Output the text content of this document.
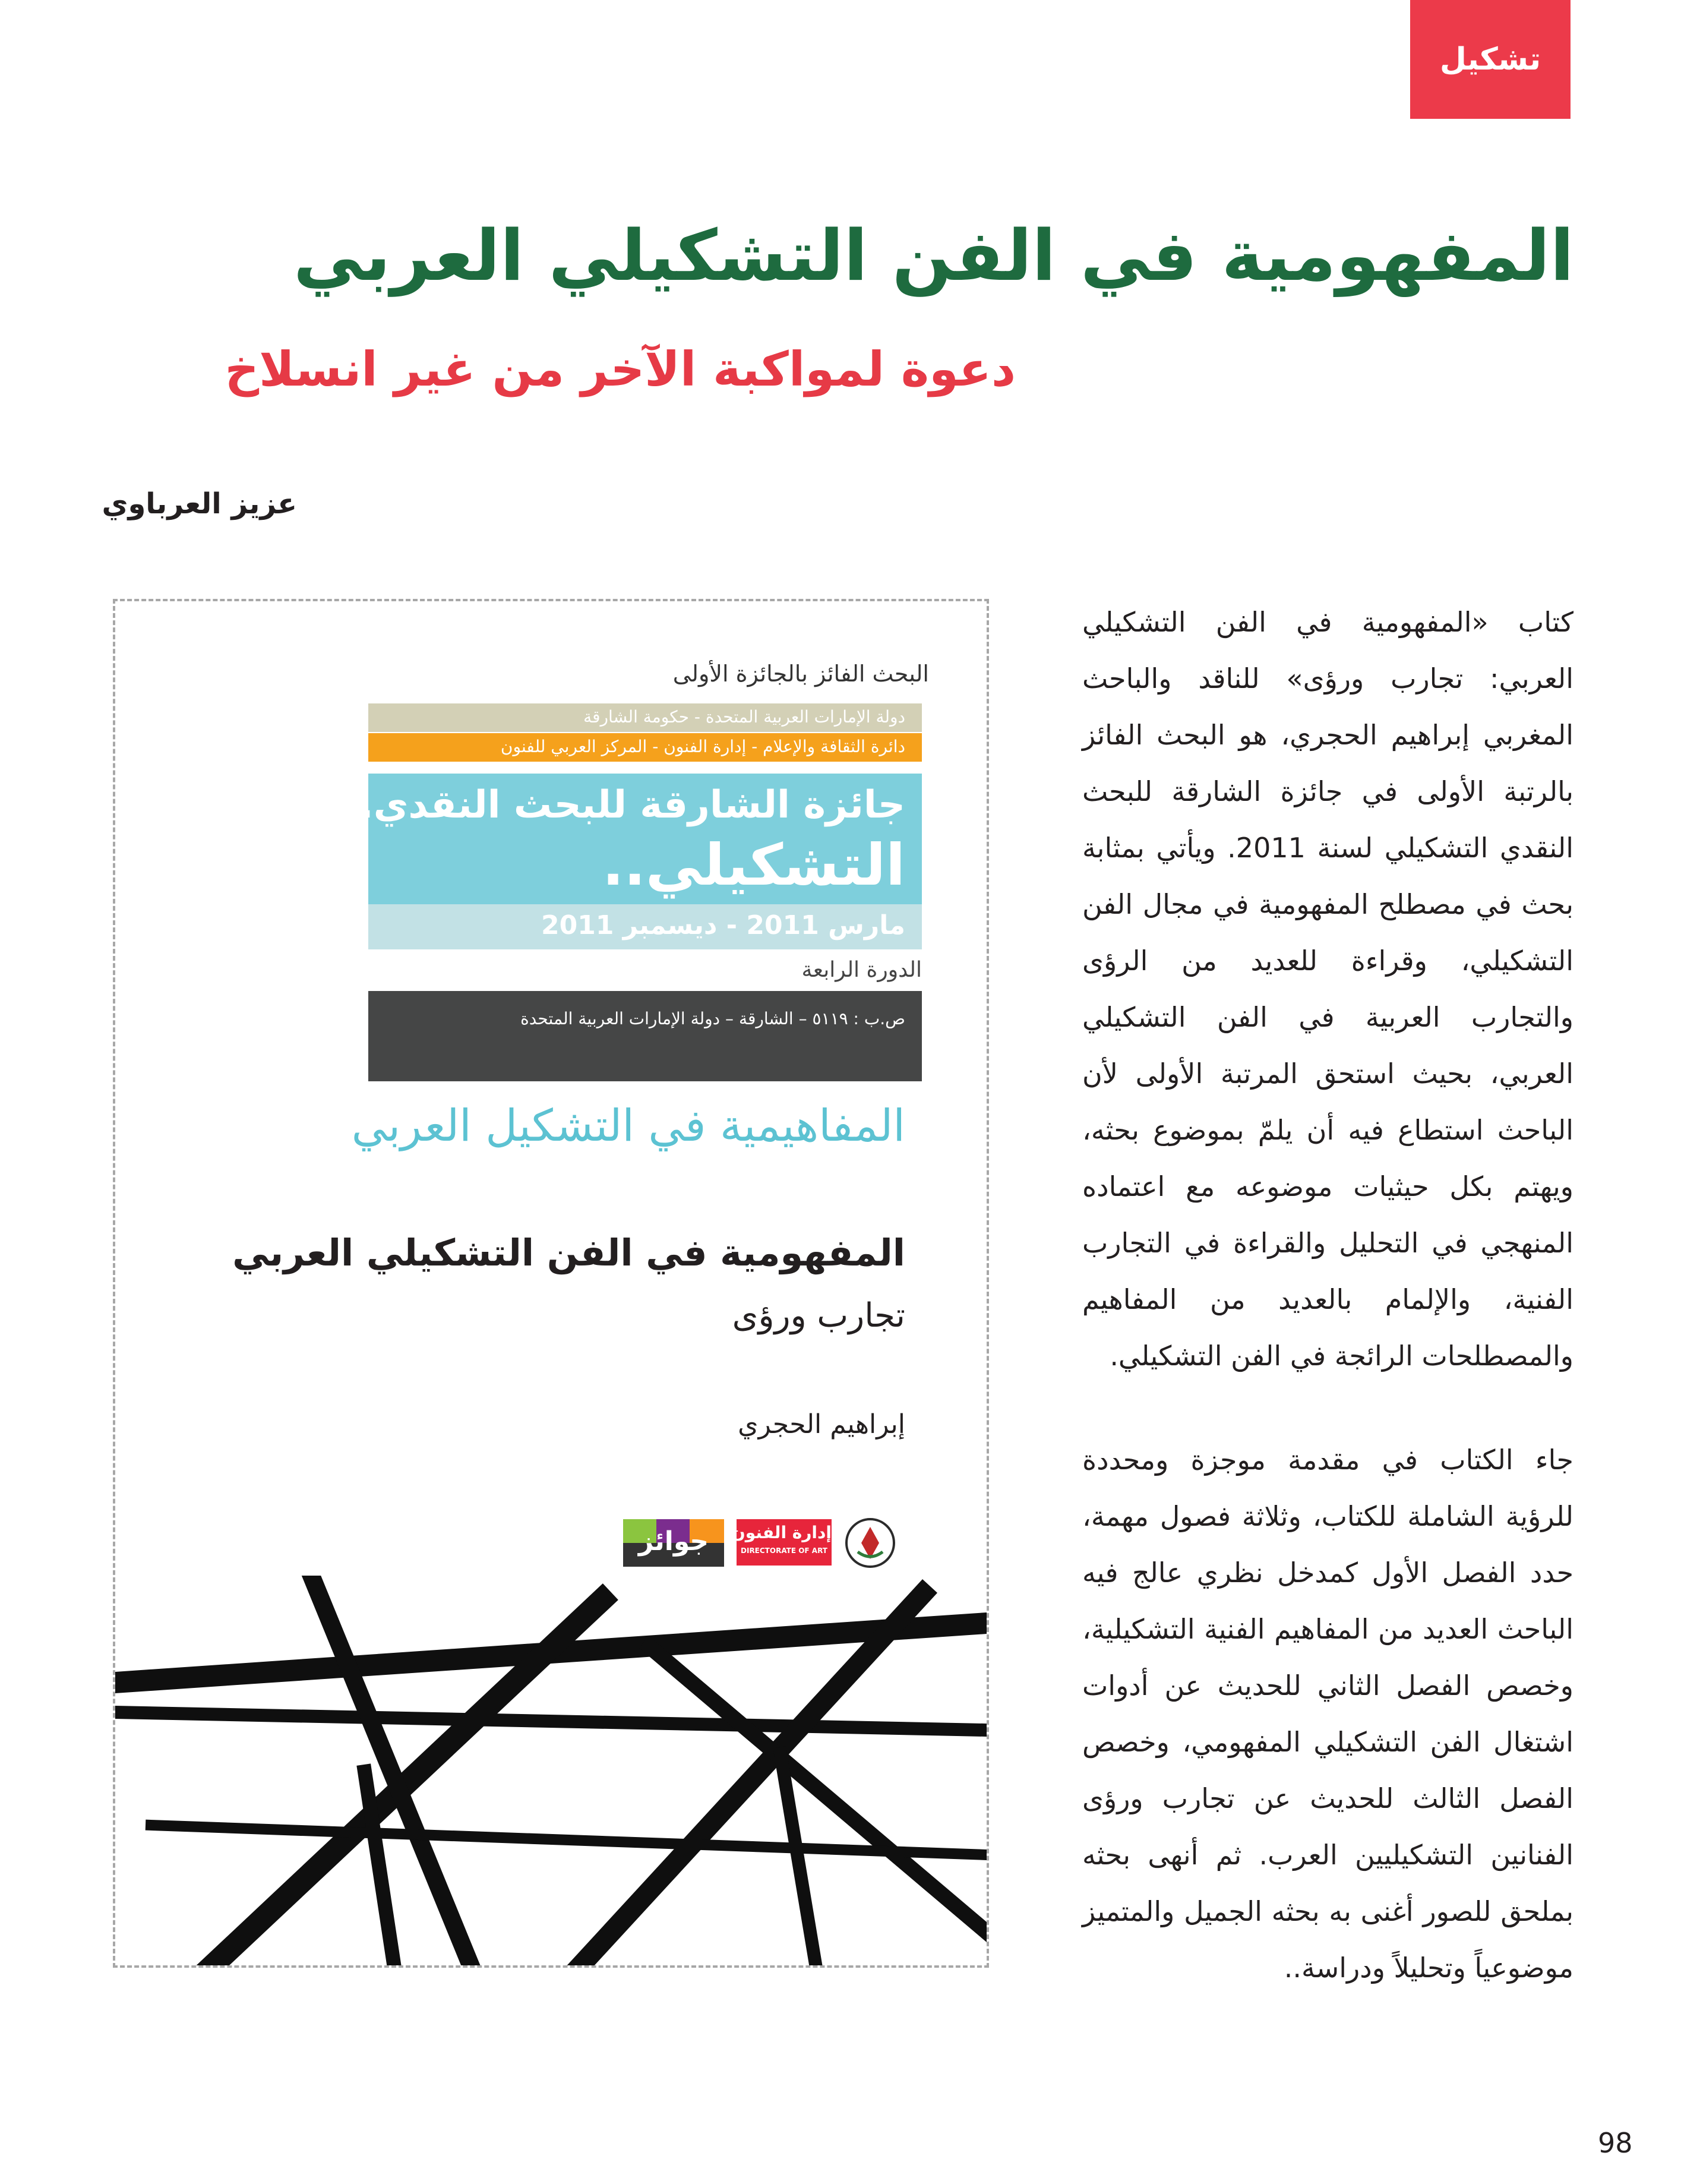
تشكيل
المفهومية في الفن التشكيلي العربي
دعوة لمواكبة الآخر من غير انسلاخ
عزيز العرباوي
البحث الفائز بالجائزة الأولى
دولة الإمارات العربية المتحدة - حكومة الشارقة
دائرة الثقافة والإعلام - إدارة الفنون - المركز العربي للفنون
جائزة الشارقة للبحث النقدي..
التشكيلي..
مارس 2011 - ديسمبر 2011
الدورة الرابعة
ص.ب : ٥١١٩ – الشارقة – دولة الإمارات العربية المتحدة
المفاهيمية في التشكيل العربي
المفهومية في الفن التشكيلي العربي
تجارب ورؤى
إبراهيم الحجري
إدارة الفنون
DIRECTORATE OF ART
جوائز

كتاب «المفهومية في الفن التشكيلي العربي: تجارب ورؤى» للناقد والباحث المغربي إبراهيم الحجري، هو البحث الفائز بالرتبة الأولى في جائزة الشارقة للبحث النقدي التشكيلي لسنة 2011. ويأتي بمثابة بحث في مصطلح المفهومية في مجال الفن التشكيلي، وقراءة للعديد من الرؤى والتجارب العربية في الفن التشكيلي العربي، بحيث استحق المرتبة الأولى لأن الباحث استطاع فيه أن يلمّ بموضوع بحثه، ويهتم بكل حيثيات موضوعه مع اعتماده المنهجي في التحليل والقراءة في التجارب الفنية، والإلمام بالعديد من المفاهيم والمصطلحات الرائجة في الفن التشكيلي.

جاء الكتاب في مقدمة موجزة ومحددة للرؤية الشاملة للكتاب، وثلاثة فصول مهمة، حدد الفصل الأول كمدخل نظري عالج فيه الباحث العديد من المفاهيم الفنية التشكيلية، وخصص الفصل الثاني للحديث عن أدوات اشتغال الفن التشكيلي المفهومي، وخصص الفصل الثالث للحديث عن تجارب ورؤى الفنانين التشكيليين العرب. ثم أنهى بحثه بملحق للصور أغنى به بحثه الجميل والمتميز موضوعياً وتحليلاً ودراسة..

98
